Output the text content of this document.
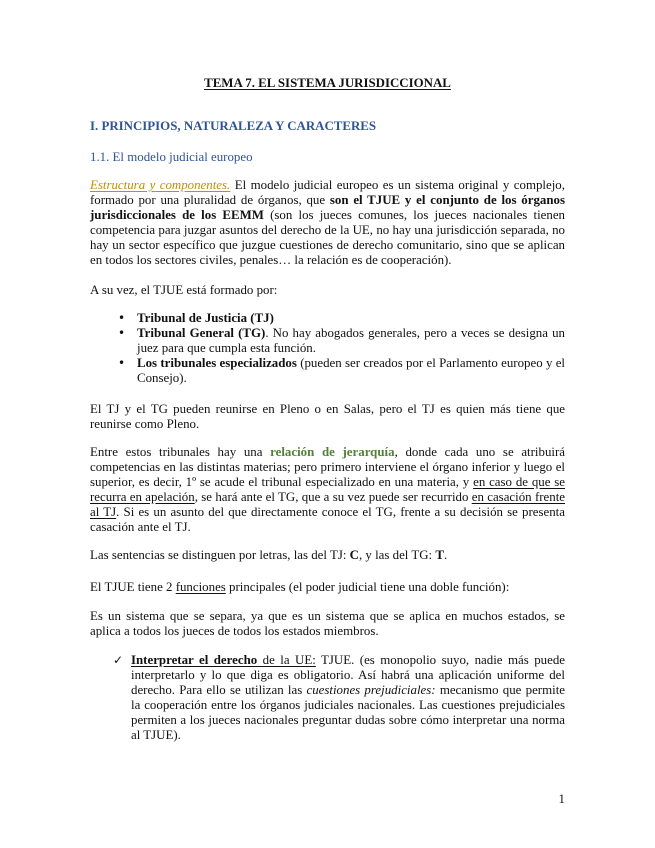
TEMA 7. EL SISTEMA JURISDICCIONAL
I. PRINCIPIOS, NATURALEZA Y CARACTERES
1.1. El modelo judicial europeo

Estructura y componentes. El modelo judicial europeo es un sistema original y complejo, formado por una pluralidad de órganos, que son el TJUE y el conjunto de los órganos jurisdiccionales de los EEMM (son los jueces comunes, los jueces nacionales tienen competencia para juzgar asuntos del derecho de la UE, no hay una jurisdicción separada, no hay un sector específico que juzgue cuestiones de derecho comunitario, sino que se aplican en todos los sectores civiles, penales… la relación es de cooperación).

A su vez, el TJUE está formado por:

• Tribunal de Justicia (TJ)
• Tribunal General (TG). No hay abogados generales, pero a veces se designa un juez para que cumpla esta función.
• Los tribunales especializados (pueden ser creados por el Parlamento europeo y el Consejo).

El TJ y el TG pueden reunirse en Pleno o en Salas, pero el TJ es quien más tiene que reunirse como Pleno.

Entre estos tribunales hay una relación de jerarquía, donde cada uno se atribuirá competencias en las distintas materias; pero primero interviene el órgano inferior y luego el superior, es decir, 1º se acude el tribunal especializado en una materia, y en caso de que se recurra en apelación, se hará ante el TG, que a su vez puede ser recurrido en casación frente al TJ. Si es un asunto del que directamente conoce el TG, frente a su decisión se presenta casación ante el TJ.

Las sentencias se distinguen por letras, las del TJ: C, y las del TG: T.

El TJUE tiene 2 funciones principales (el poder judicial tiene una doble función):

Es un sistema que se separa, ya que es un sistema que se aplica en muchos estados, se aplica a todos los jueces de todos los estados miembros.

✓
Interpretar el derecho de la UE: TJUE. (es monopolio suyo, nadie más puede interpretarlo y lo que diga es obligatorio. Así habrá una aplicación uniforme del derecho. Para ello se utilizan las cuestiones prejudiciales: mecanismo que permite la cooperación entre los órganos judiciales nacionales. Las cuestiones prejudiciales permiten a los jueces nacionales preguntar dudas sobre cómo interpretar una norma al TJUE).
1
